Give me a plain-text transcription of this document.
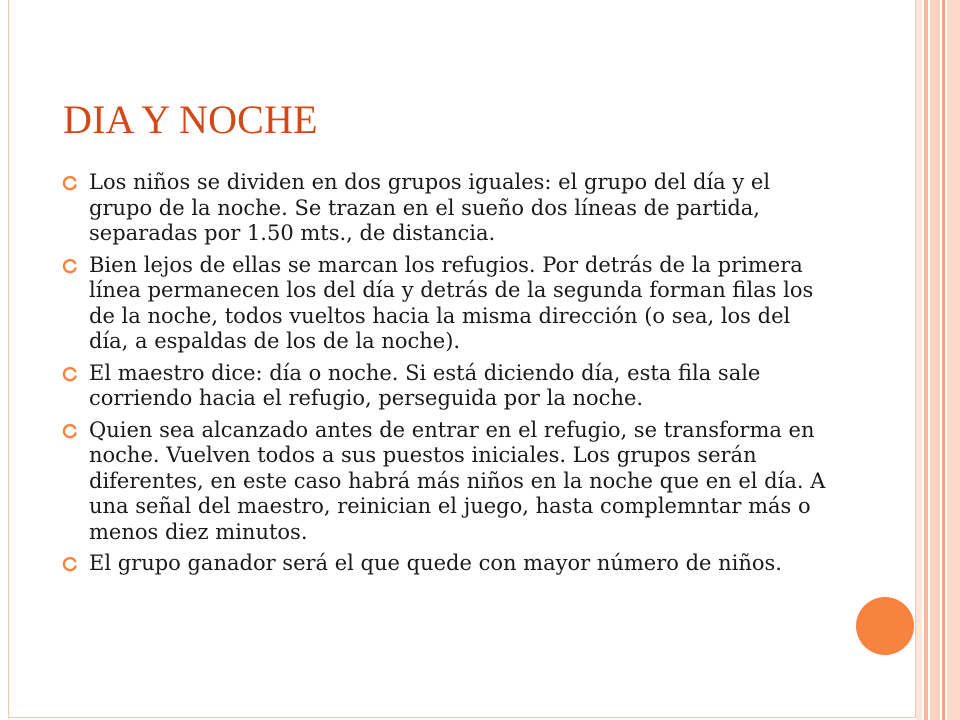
DIA Y NOCHE
Los niños se dividen en dos grupos iguales: el grupo del día y el grupo de la noche. Se trazan en el sueño dos líneas de partida, separadas por 1.50 mts., de distancia.
Bien lejos de ellas se marcan los refugios. Por detrás de la primera línea permanecen los del día y detrás de la segunda forman filas los de la noche, todos vueltos hacia la misma dirección (o sea, los del día, a espaldas de los de la noche).
El maestro dice: día o noche. Si está diciendo día, esta fila sale corriendo hacia el refugio, perseguida por la noche.
Quien sea alcanzado antes de entrar en el refugio, se transforma en noche. Vuelven todos a sus puestos iniciales. Los grupos serán diferentes, en este caso habrá más niños en la noche que en el día. A una señal del maestro, reinician el juego, hasta complemntar más o menos diez minutos.
El grupo ganador será el que quede con mayor número de niños.
